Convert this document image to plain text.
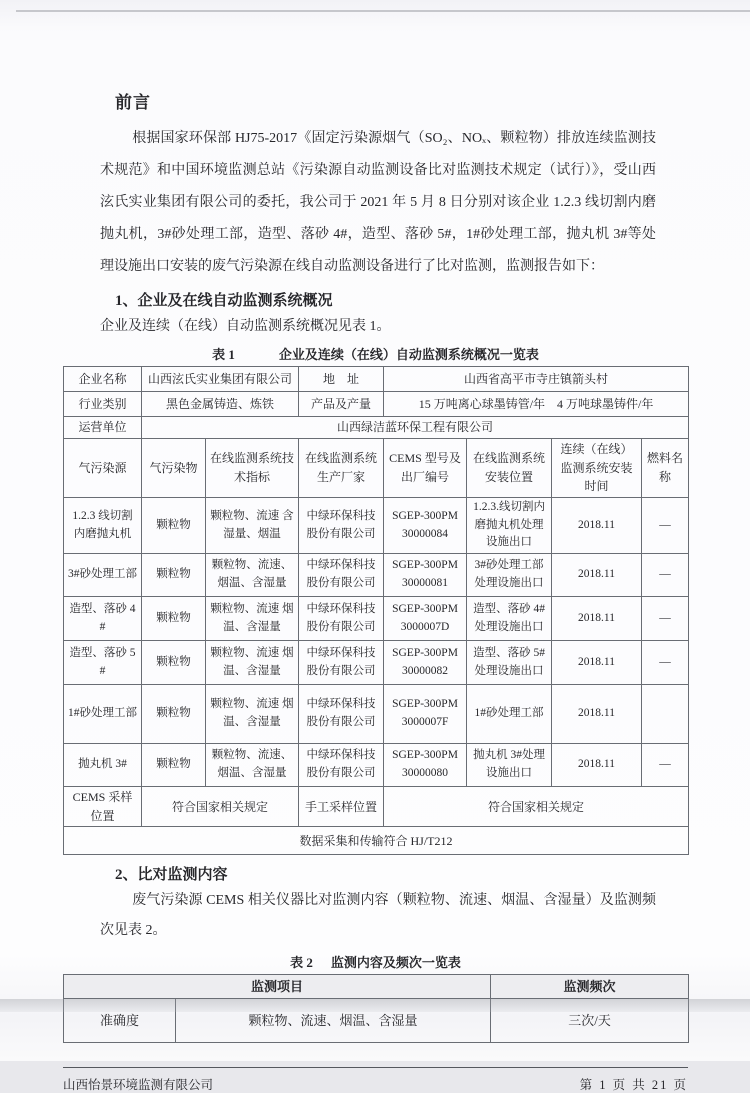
前言
根据国家环保部 HJ75-2017《固定污染源烟气（SO₂、NOₓ、颗粒物）排放连续监测技术规范》和中国环境监测总站《污染源自动监测设备比对监测技术规定（试行）》，受山西泫氏实业集团有限公司的委托，我公司于 2021 年 5 月 8 日分别对该企业 1.2.3 线切割内磨抛丸机，3#砂处理工部，造型、落砂 4#，造型、落砂 5#，1#砂处理工部，抛丸机 3#等处理设施出口安装的废气污染源在线自动监测设备进行了比对监测，监测报告如下：
1、企业及在线自动监测系统概况
企业及连续（在线）自动监测系统概况见表 1。
表 1	企业及连续（在线）自动监测系统概况一览表
企业名称	山西泫氏实业集团有限公司		地　址	山西省高平市寺庄镇箭头村			
行业类别	黑色金属铸造、炼铁		产品及产量	15 万吨离心球墨铸管/年　4 万吨球墨铸件/年			
运营单位	山西绿洁蓝环保工程有限公司						
气污染源	气污染物	在线监测系统技术指标	在线监测系统生产厂家	CEMS 型号及出厂编号	在线监测系统安装位置	连续（在线）监测系统安装时间	燃料名称
1.2.3 线切割内磨抛丸机	颗粒物	颗粒物、流速 含湿量、烟温	中绿环保科技股份有限公司	SGEP-300PM
30000084	1.2.3.线切割内磨抛丸机处理设施出口	2018.11	—
3#砂处理工部	颗粒物	颗粒物、流速、烟温、含湿量	中绿环保科技股份有限公司	SGEP-300PM
30000081	3#砂处理工部处理设施出口	2018.11	—
造型、落砂 4#	颗粒物	颗粒物、流速 烟温、含湿量	中绿环保科技股份有限公司	SGEP-300PM
3000007D	造型、落砂 4# 处理设施出口	2018.11	—
造型、落砂 5#	颗粒物	颗粒物、流速 烟温、含湿量	中绿环保科技股份有限公司	SGEP-300PM
30000082	造型、落砂 5# 处理设施出口	2018.11	—
1#砂处理工部	颗粒物	颗粒物、流速 烟温、含湿量	中绿环保科技股份有限公司	SGEP-300PM
3000007F	1#砂处理工部	2018.11	
抛丸机 3#	颗粒物	颗粒物、流速、烟温、含湿量	中绿环保科技股份有限公司	SGEP-300PM
30000080	抛丸机 3#处理设施出口	2018.11	—
CEMS 采样位置	符合国家相关规定		手工采样位置	符合国家相关规定			
数据采集和传输符合 HJ/T212							
2、比对监测内容
废气污染源 CEMS 相关仪器比对监测内容（颗粒物、流速、烟温、含湿量）及监测频次见表 2。
表 2 监测内容及频次一览表
监测项目		监测频次
准确度	颗粒物、流速、烟温、含湿量	三次/天
山西怡景环境监测有限公司	第 1 页 共 21 页
